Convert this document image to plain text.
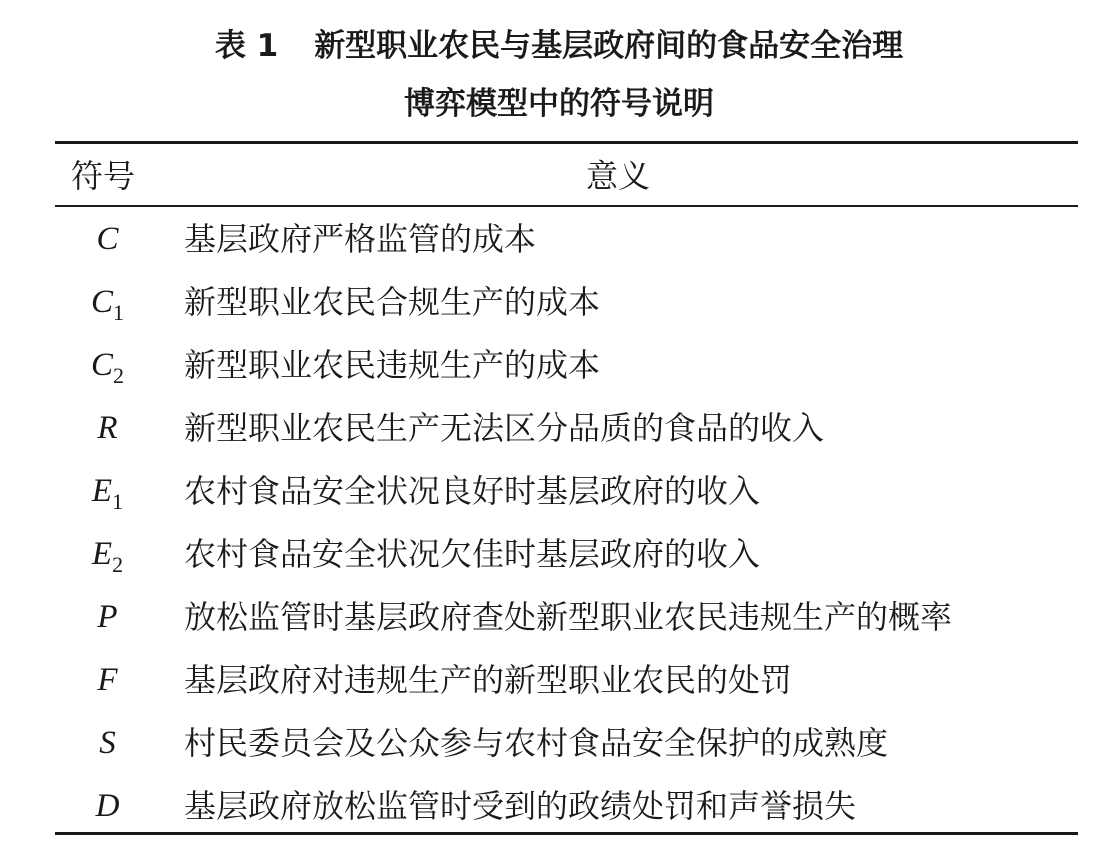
表 1 新型职业农民与基层政府间的食品安全治理
博弈模型中的符号说明
符号	意义
C	基层政府严格监管的成本
$C_1$	新型职业农民合规生产的成本
$C_2$	新型职业农民违规生产的成本
R	新型职业农民生产无法区分品质的食品的收入
$E_1$	农村食品安全状况良好时基层政府的收入
$E_2$	农村食品安全状况欠佳时基层政府的收入
P	放松监管时基层政府查处新型职业农民违规生产的概率
F	基层政府对违规生产的新型职业农民的处罚
S	村民委员会及公众参与农村食品安全保护的成熟度
D	基层政府放松监管时受到的政绩处罚和声誉损失
